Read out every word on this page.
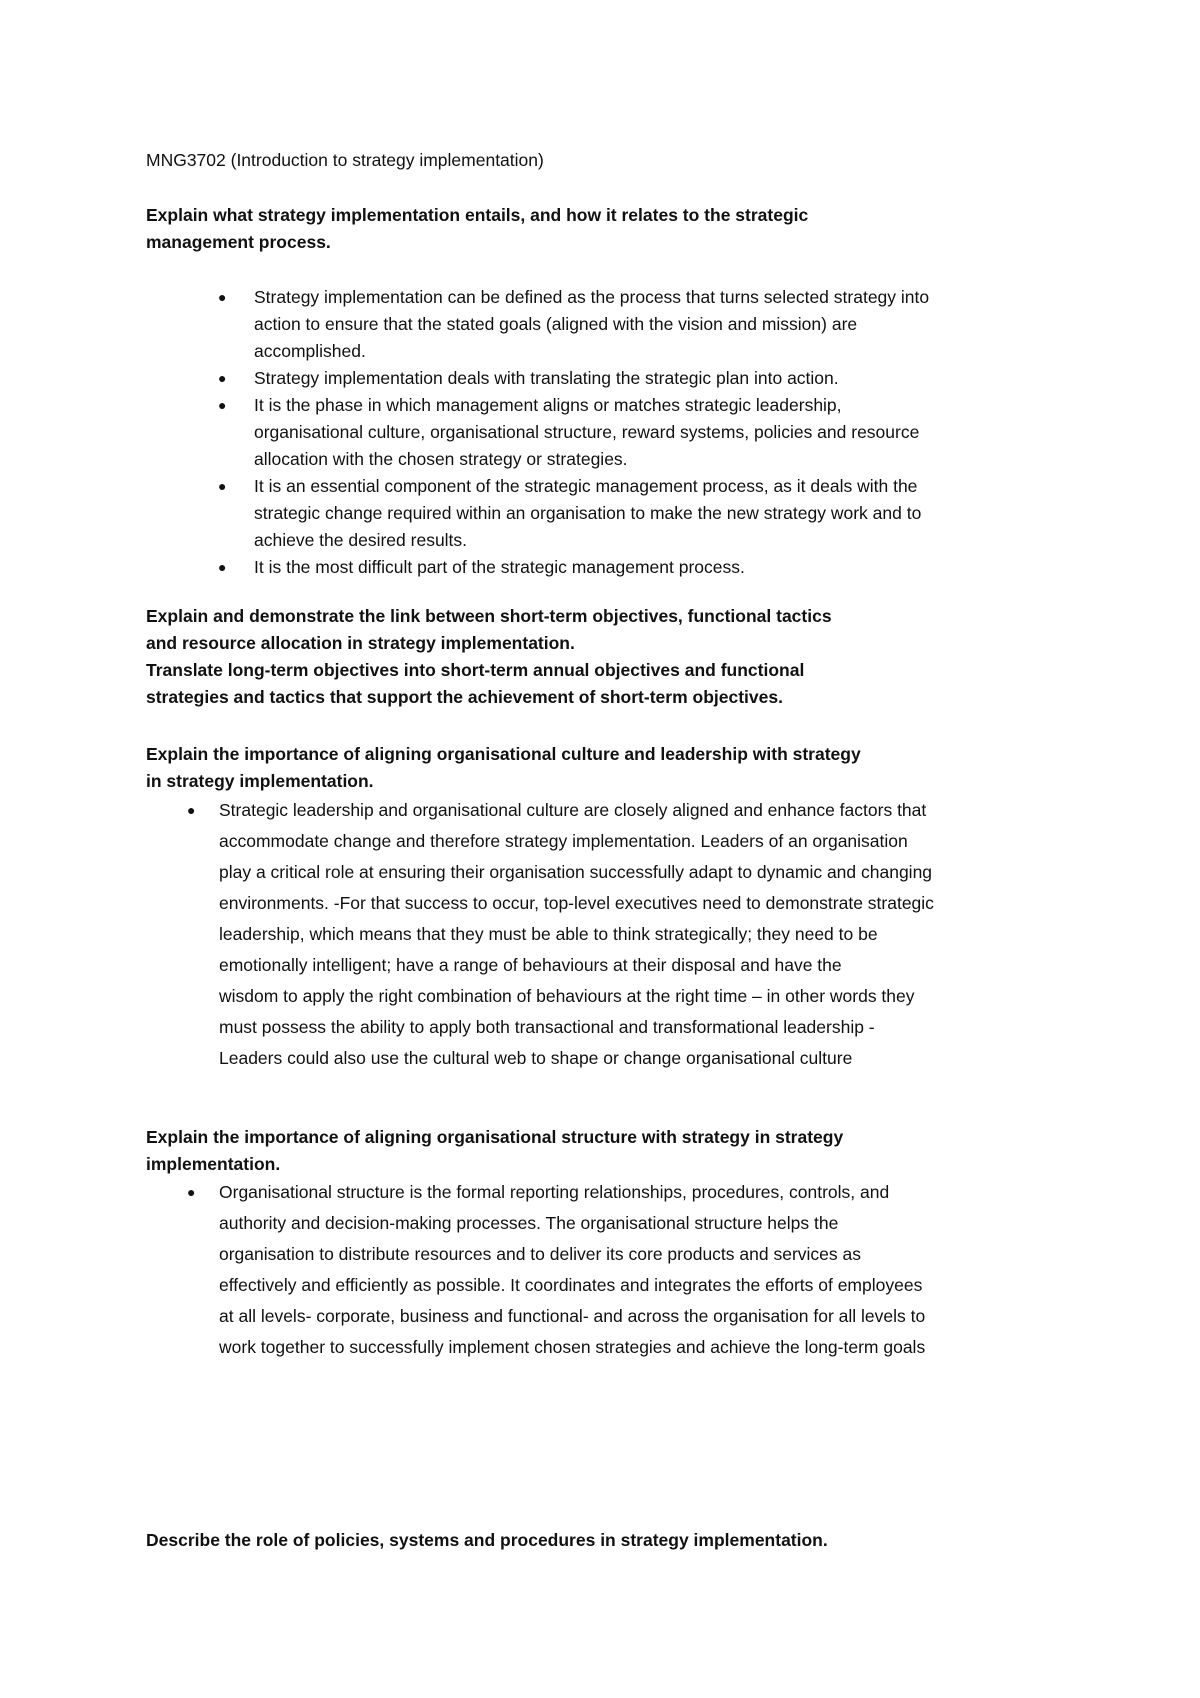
MNG3702 (Introduction to strategy implementation)
Explain what strategy implementation entails, and how it relates to the strategic
management process.
● Strategy implementation can be defined as the process that turns selected strategy into
action to ensure that the stated goals (aligned with the vision and mission) are
accomplished.
● Strategy implementation deals with translating the strategic plan into action.
● It is the phase in which management aligns or matches strategic leadership,
organisational culture, organisational structure, reward systems, policies and resource
allocation with the chosen strategy or strategies.
● It is an essential component of the strategic management process, as it deals with the
strategic change required within an organisation to make the new strategy work and to
achieve the desired results.
● It is the most difficult part of the strategic management process.
Explain and demonstrate the link between short-term objectives, functional tactics
and resource allocation in strategy implementation.
Translate long-term objectives into short-term annual objectives and functional
strategies and tactics that support the achievement of short-term objectives.
Explain the importance of aligning organisational culture and leadership with strategy
in strategy implementation.
● Strategic leadership and organisational culture are closely aligned and enhance factors that
accommodate change and therefore strategy implementation. Leaders of an organisation
play a critical role at ensuring their organisation successfully adapt to dynamic and changing
environments. -For that success to occur, top-level executives need to demonstrate strategic
leadership, which means that they must be able to think strategically; they need to be
emotionally intelligent; have a range of behaviours at their disposal and have the
wisdom to apply the right combination of behaviours at the right time – in other words they
must possess the ability to apply both transactional and transformational leadership -
Leaders could also use the cultural web to shape or change organisational culture
Explain the importance of aligning organisational structure with strategy in strategy
implementation.
● Organisational structure is the formal reporting relationships, procedures, controls, and
authority and decision-making processes. The organisational structure helps the
organisation to distribute resources and to deliver its core products and services as
effectively and efficiently as possible. It coordinates and integrates the efforts of employees
at all levels- corporate, business and functional- and across the organisation for all levels to
work together to successfully implement chosen strategies and achieve the long-term goals
Describe the role of policies, systems and procedures in strategy implementation.
